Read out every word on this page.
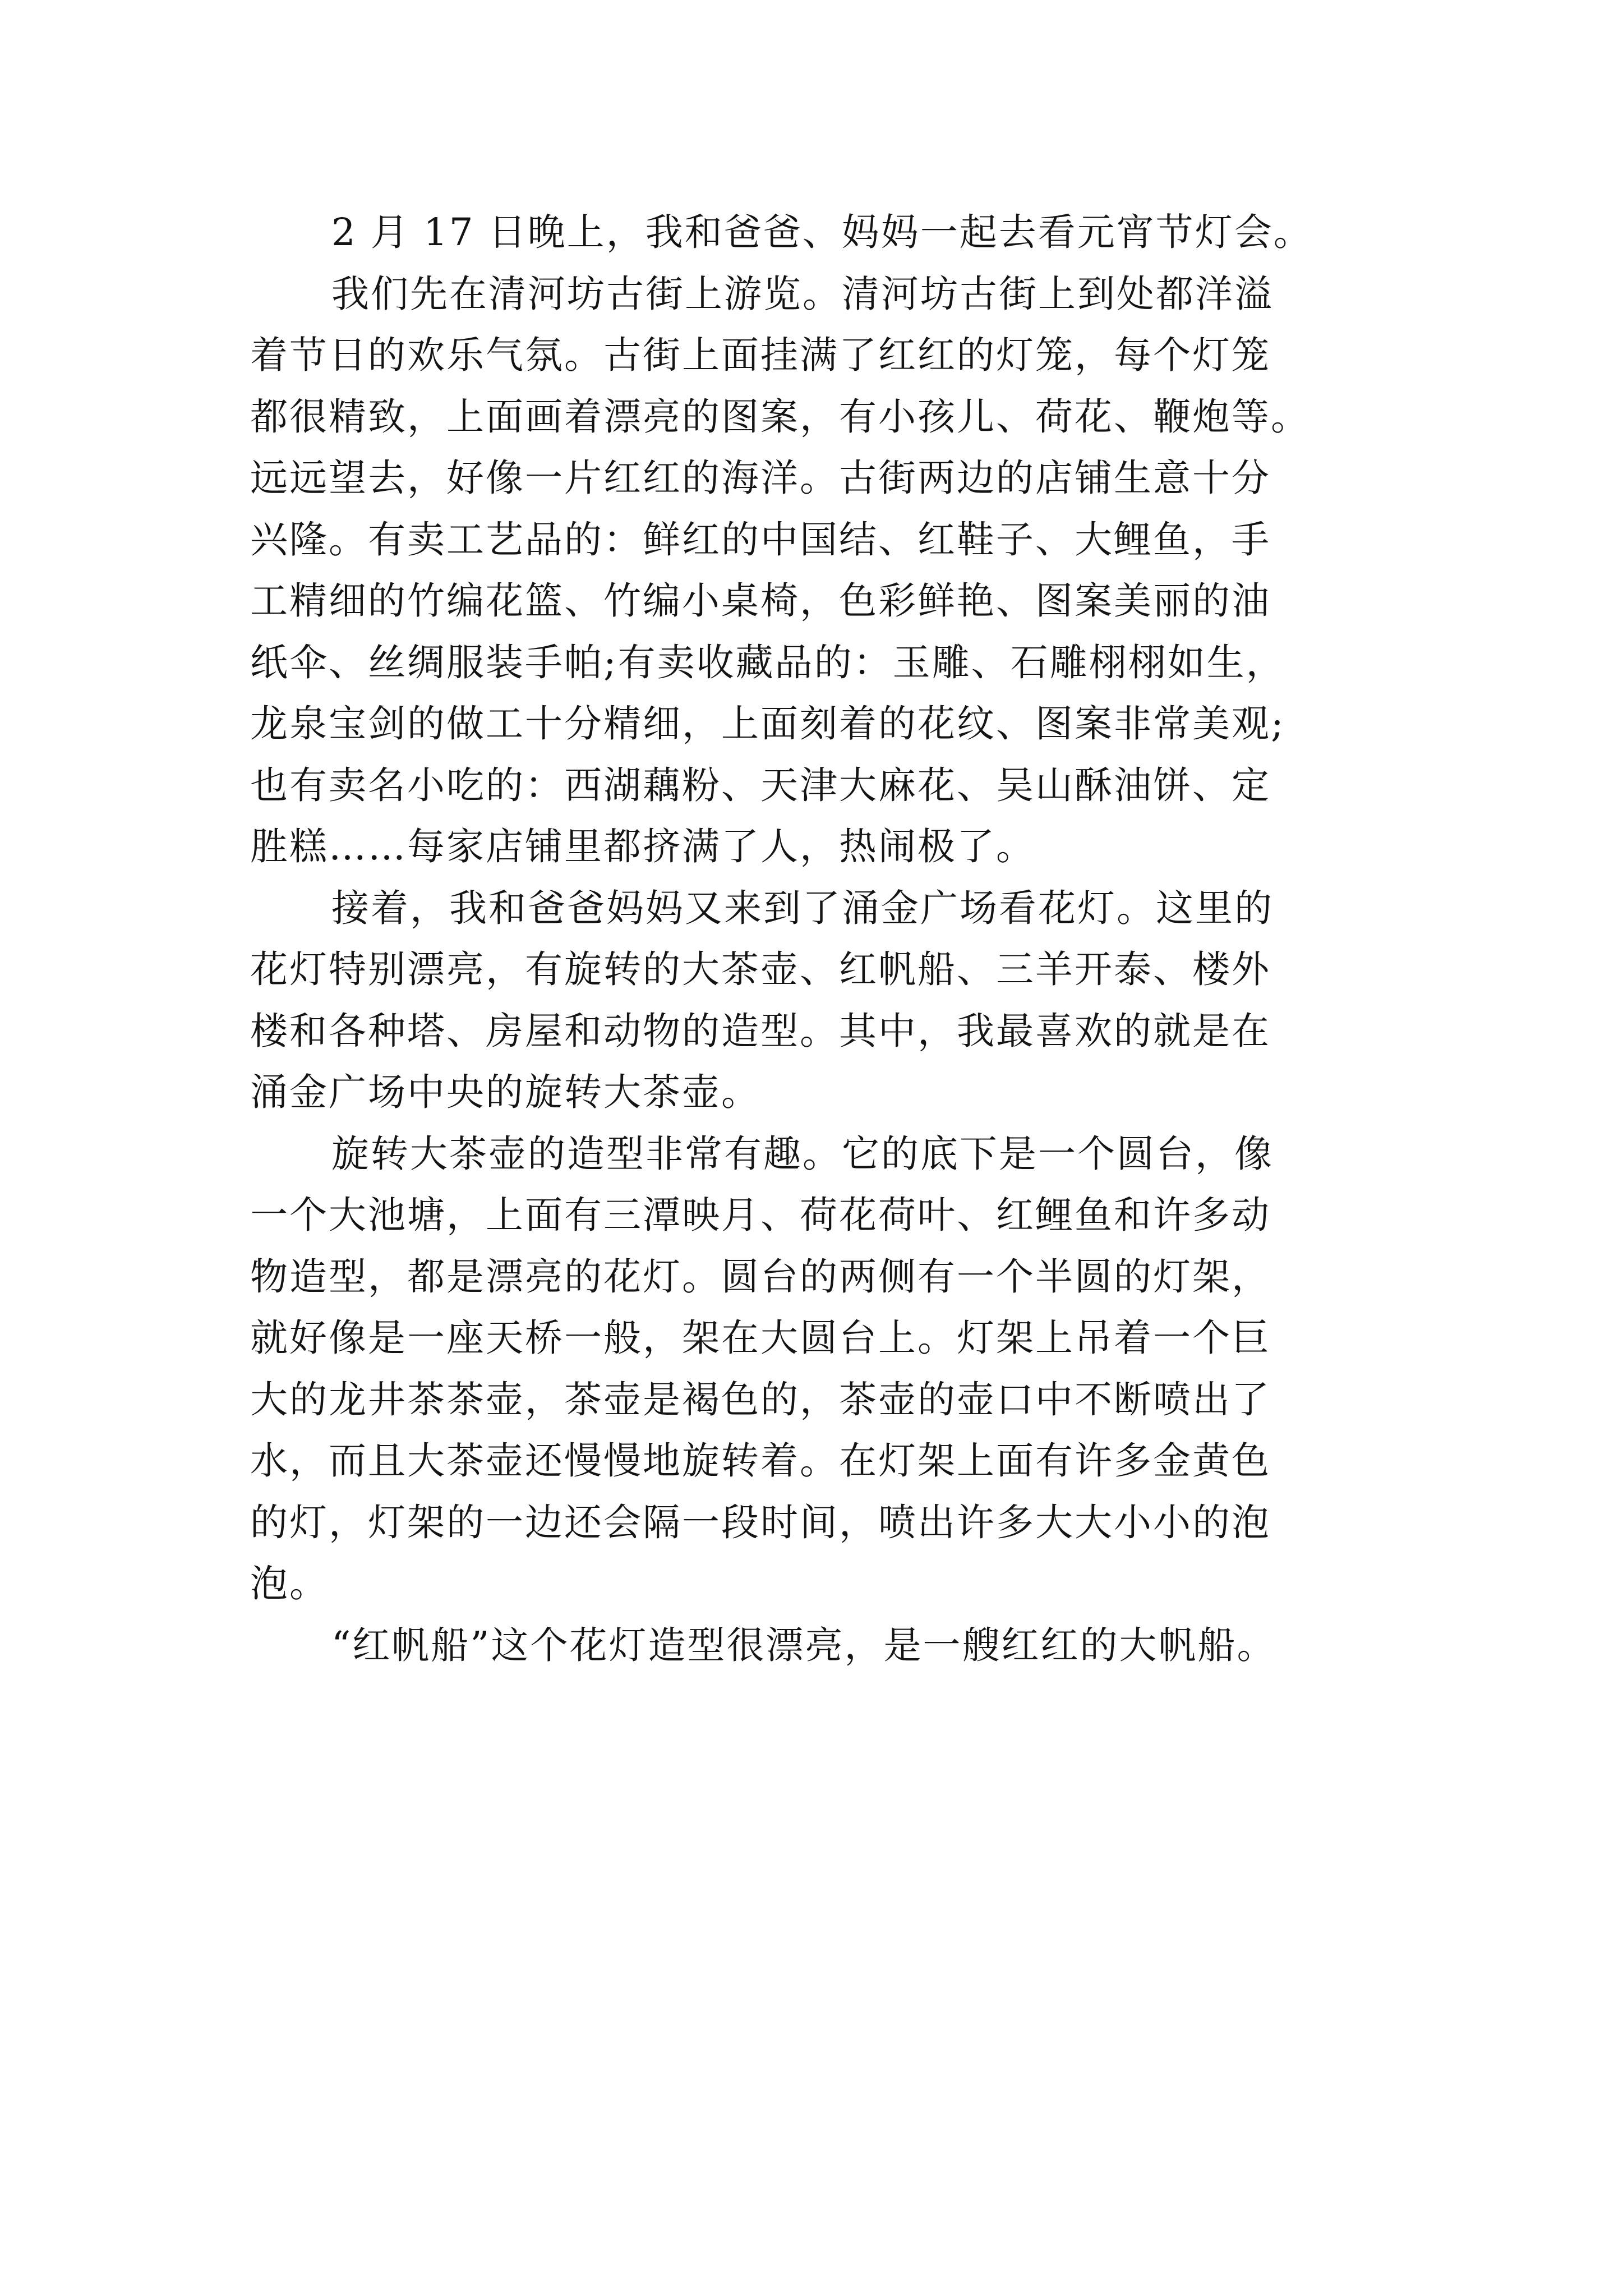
2 月 17 日晚上，我和爸爸、妈妈一起去看元宵节灯会。
我们先在清河坊古街上游览。清河坊古街上到处都洋溢
着节日的欢乐气氛。古街上面挂满了红红的灯笼，每个灯笼
都很精致，上面画着漂亮的图案，有小孩儿、荷花、鞭炮等。
远远望去，好像一片红红的海洋。古街两边的店铺生意十分
兴隆。有卖工艺品的：鲜红的中国结、红鞋子、大鲤鱼，手
工精细的竹编花篮、竹编小桌椅，色彩鲜艳、图案美丽的油
纸伞、丝绸服装手帕;有卖收藏品的：玉雕、石雕栩栩如生，
龙泉宝剑的做工十分精细，上面刻着的花纹、图案非常美观;
也有卖名小吃的：西湖藕粉、天津大麻花、吴山酥油饼、定
胜糕……每家店铺里都挤满了人，热闹极了。
接着，我和爸爸妈妈又来到了涌金广场看花灯。这里的
花灯特别漂亮，有旋转的大茶壶、红帆船、三羊开泰、楼外
楼和各种塔、房屋和动物的造型。其中，我最喜欢的就是在
涌金广场中央的旋转大茶壶。
旋转大茶壶的造型非常有趣。它的底下是一个圆台，像
一个大池塘，上面有三潭映月、荷花荷叶、红鲤鱼和许多动
物造型，都是漂亮的花灯。圆台的两侧有一个半圆的灯架，
就好像是一座天桥一般，架在大圆台上。灯架上吊着一个巨
大的龙井茶茶壶，茶壶是褐色的，茶壶的壶口中不断喷出了
水，而且大茶壶还慢慢地旋转着。在灯架上面有许多金黄色
的灯，灯架的一边还会隔一段时间，喷出许多大大小小的泡
泡。
“红帆船”这个花灯造型很漂亮，是一艘红红的大帆船。
